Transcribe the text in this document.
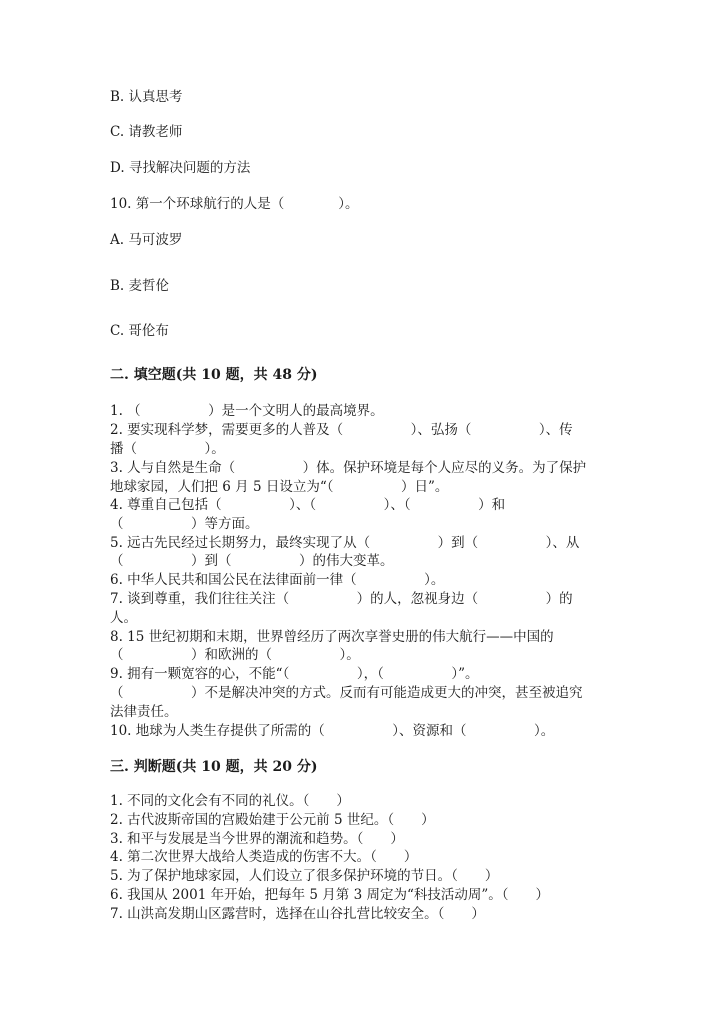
B. 认真思考
C. 请教老师
D. 寻找解决问题的方法
10. 第一个环球航行的人是（　　　　）。
A. 马可波罗
B. 麦哲伦
C. 哥伦布
二. 填空题(共 10 题，共 48 分)
1. （　　　　　）是一个文明人的最高境界。
2. 要实现科学梦，需要更多的人普及（　　　　　）、弘扬（　　　　　）、传
播（　　　　　）。
3. 人与自然是生命（　　　　　）体。保护环境是每个人应尽的义务。为了保护
地球家园，人们把 6 月 5 日设立为“（　　　　　）日”。
4. 尊重自己包括（　　　　　）、（　　　　　）、（　　　　　）和
（　　　　　）等方面。
5. 远古先民经过长期努力，最终实现了从（　　　　　）到（　　　　　）、从
（　　　　　）到（　　　　　）的伟大变革。
6. 中华人民共和国公民在法律面前一律（　　　　　）。
7. 谈到尊重，我们往往关注（　　　　　）的人，忽视身边（　　　　　）的
人。
8. 15 世纪初期和末期，世界曾经历了两次享誉史册的伟大航行——中国的
（　　　　　）和欧洲的（　　　　　）。
9. 拥有一颗宽容的心，不能“（　　　　　），（　　　　　）”。
（　　　　　）不是解决冲突的方式。反而有可能造成更大的冲突，甚至被追究
法律责任。
10. 地球为人类生存提供了所需的（　　　　　）、资源和（　　　　　）。
三. 判断题(共 10 题，共 20 分)
1. 不同的文化会有不同的礼仪。（　　）
2. 古代波斯帝国的宫殿始建于公元前 5 世纪。（　　）
3. 和平与发展是当今世界的潮流和趋势。（　　）
4. 第二次世界大战给人类造成的伤害不大。（　　）
5. 为了保护地球家园，人们设立了很多保护环境的节日。（　　）
6. 我国从 2001 年开始，把每年 5 月第 3 周定为“科技活动周”。（　　）
7. 山洪高发期山区露营时，选择在山谷扎营比较安全。（　　）
